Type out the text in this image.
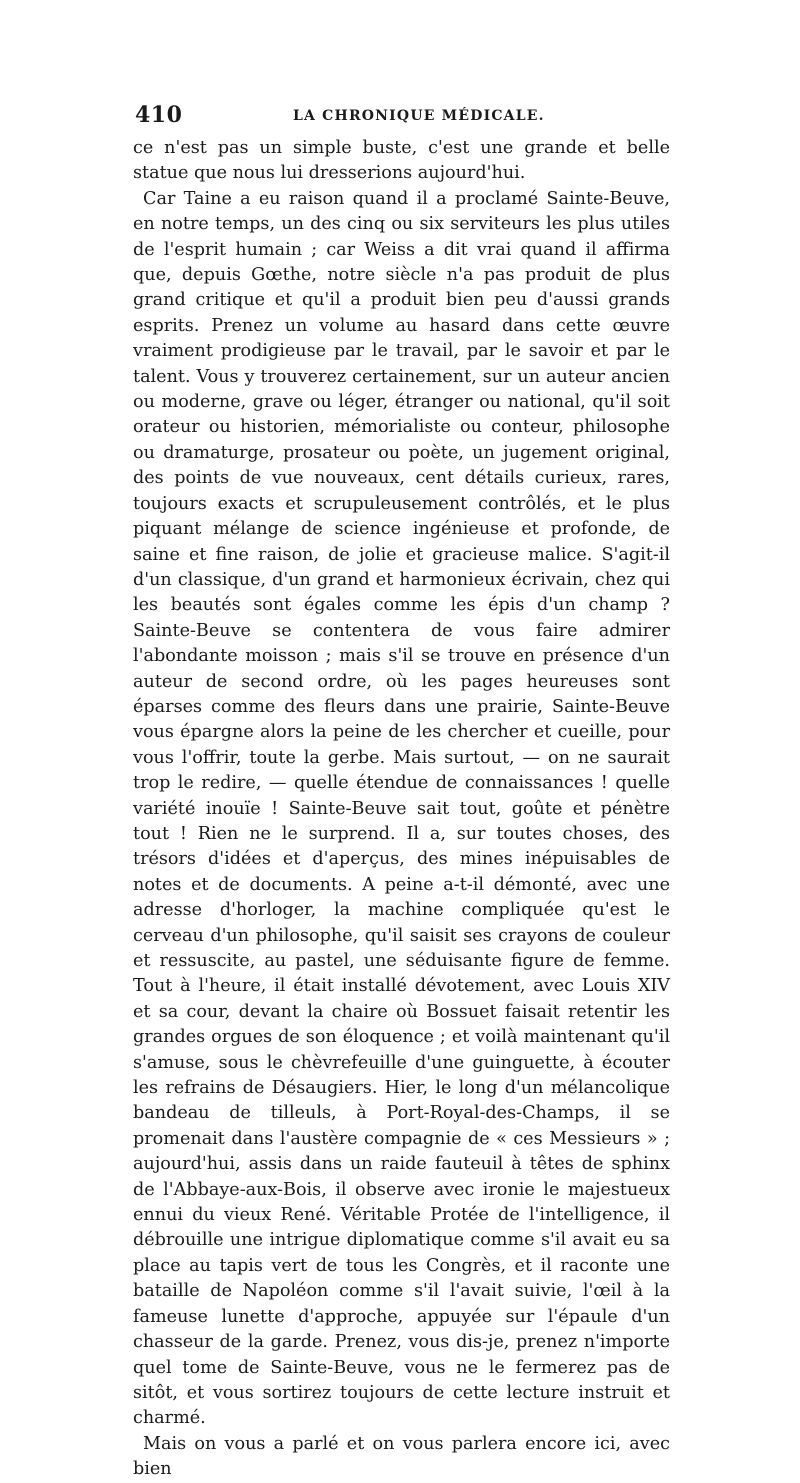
410	LA CHRONIQUE MÉDICALE.

ce n'est pas un simple buste, c'est une grande et belle statue que nous lui dresserions aujourd'hui.

Car Taine a eu raison quand il a proclamé Sainte-Beuve, en notre temps, un des cinq ou six serviteurs les plus utiles de l'esprit humain ; car Weiss a dit vrai quand il affirma que, depuis Gœthe, notre siècle n'a pas produit de plus grand critique et qu'il a produit bien peu d'aussi grands esprits. Prenez un volume au hasard dans cette œuvre vraiment prodigieuse par le travail, par le savoir et par le talent. Vous y trouverez certainement, sur un auteur ancien ou moderne, grave ou léger, étranger ou national, qu'il soit orateur ou historien, mémorialiste ou conteur, philosophe ou dramaturge, prosateur ou poète, un jugement original, des points de vue nouveaux, cent détails curieux, rares, toujours exacts et scrupuleusement contrôlés, et le plus piquant mélange de science ingénieuse et profonde, de saine et fine raison, de jolie et gracieuse malice. S'agit-il d'un classique, d'un grand et harmonieux écrivain, chez qui les beautés sont égales comme les épis d'un champ ? Sainte-Beuve se contentera de vous faire admirer l'abondante moisson ; mais s'il se trouve en présence d'un auteur de second ordre, où les pages heureuses sont éparses comme des fleurs dans une prairie, Sainte-Beuve vous épargne alors la peine de les chercher et cueille, pour vous l'offrir, toute la gerbe. Mais surtout, — on ne saurait trop le redire, — quelle étendue de connaissances ! quelle variété inouïe ! Sainte-Beuve sait tout, goûte et pénètre tout ! Rien ne le surprend. Il a, sur toutes choses, des trésors d'idées et d'aperçus, des mines inépuisables de notes et de documents. A peine a-t-il démonté, avec une adresse d'horloger, la machine compliquée qu'est le cerveau d'un philosophe, qu'il saisit ses crayons de couleur et ressuscite, au pastel, une séduisante figure de femme. Tout à l'heure, il était installé dévotement, avec Louis XIV et sa cour, devant la chaire où Bossuet faisait retentir les grandes orgues de son éloquence ; et voilà maintenant qu'il s'amuse, sous le chèvrefeuille d'une guinguette, à écouter les refrains de Désaugiers. Hier, le long d'un mélancolique bandeau de tilleuls, à Port-Royal-des-Champs, il se promenait dans l'austère compagnie de « ces Messieurs » ; aujourd'hui, assis dans un raide fauteuil à têtes de sphinx de l'Abbaye-aux-Bois, il observe avec ironie le majestueux ennui du vieux René. Véritable Protée de l'intelligence, il débrouille une intrigue diplomatique comme s'il avait eu sa place au tapis vert de tous les Congrès, et il raconte une bataille de Napoléon comme s'il l'avait suivie, l'œil à la fameuse lunette d'approche, appuyée sur l'épaule d'un chasseur de la garde. Prenez, vous dis-je, prenez n'importe quel tome de Sainte-Beuve, vous ne le fermerez pas de sitôt, et vous sortirez toujours de cette lecture instruit et charmé.

Mais on vous a parlé et on vous parlera encore ici, avec bien
